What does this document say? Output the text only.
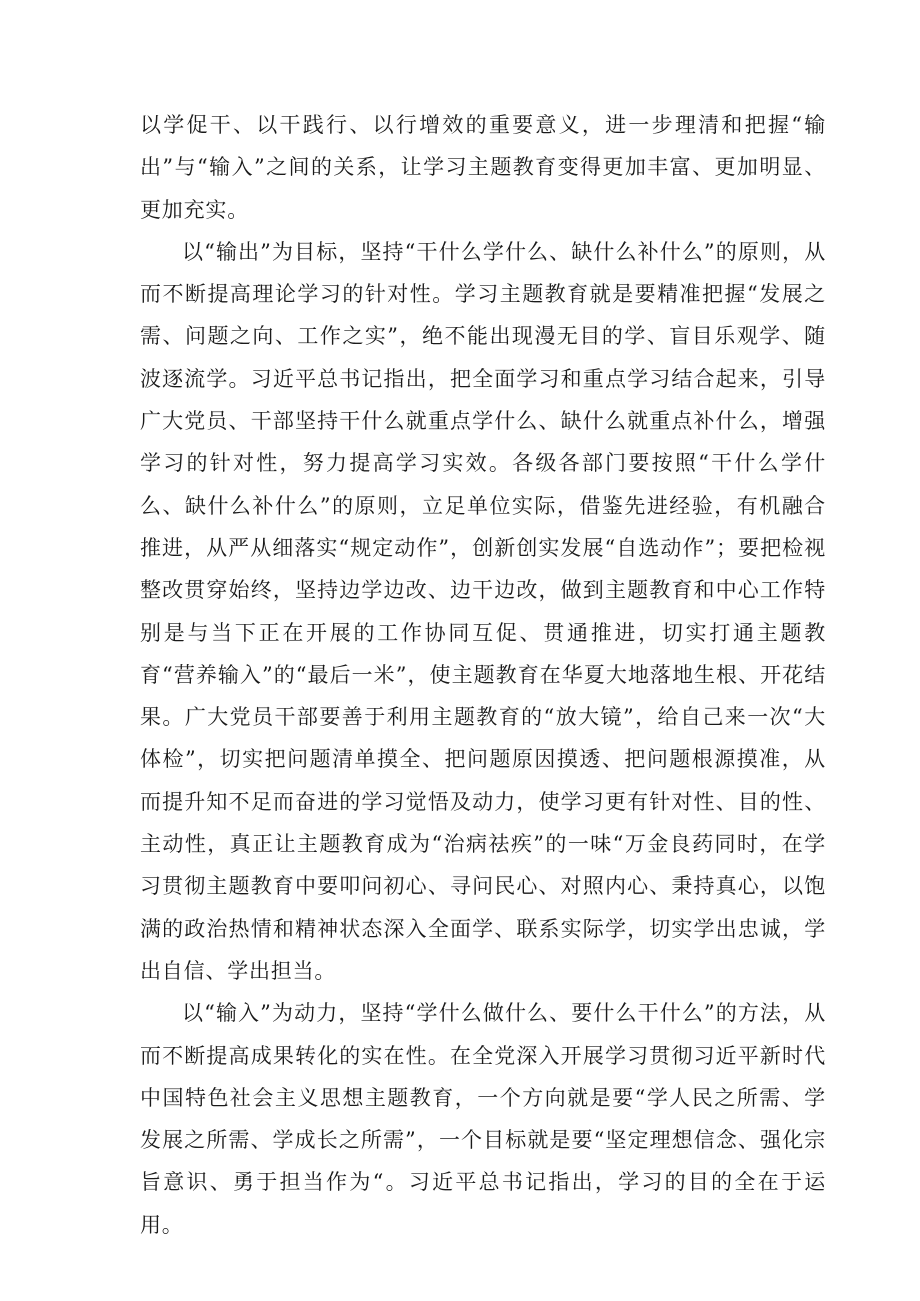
以学促干、以干践行、以行增效的重要意义，进一步理清和把握“输出”与“输入”之间的关系，让学习主题教育变得更加丰富、更加明显、更加充实。

以“输出”为目标，坚持“干什么学什么、缺什么补什么”的原则，从而不断提高理论学习的针对性。学习主题教育就是要精准把握“发展之需、问题之向、工作之实”，绝不能出现漫无目的学、盲目乐观学、随波逐流学。习近平总书记指出，把全面学习和重点学习结合起来，引导广大党员、干部坚持干什么就重点学什么、缺什么就重点补什么，增强学习的针对性，努力提高学习实效。各级各部门要按照“干什么学什么、缺什么补什么”的原则，立足单位实际，借鉴先进经验，有机融合推进，从严从细落实“规定动作”，创新创实发展“自选动作”；要把检视整改贯穿始终，坚持边学边改、边干边改，做到主题教育和中心工作特别是与当下正在开展的工作协同互促、贯通推进，切实打通主题教育“营养输入”的“最后一米”，使主题教育在华夏大地落地生根、开花结果。广大党员干部要善于利用主题教育的“放大镜”，给自己来一次“大体检”，切实把问题清单摸全、把问题原因摸透、把问题根源摸准，从而提升知不足而奋进的学习觉悟及动力，使学习更有针对性、目的性、主动性，真正让主题教育成为“治病祛疾”的一味“万金良药同时，在学习贯彻主题教育中要叩问初心、寻问民心、对照内心、秉持真心，以饱满的政治热情和精神状态深入全面学、联系实际学，切实学出忠诚，学出自信、学出担当。

以“输入”为动力，坚持“学什么做什么、要什么干什么”的方法，从而不断提高成果转化的实在性。在全党深入开展学习贯彻习近平新时代中国特色社会主义思想主题教育，一个方向就是要“学人民之所需、学发展之所需、学成长之所需”，一个目标就是要“坚定理想信念、强化宗旨意识、勇于担当作为“。习近平总书记指出，学习的目的全在于运用。
